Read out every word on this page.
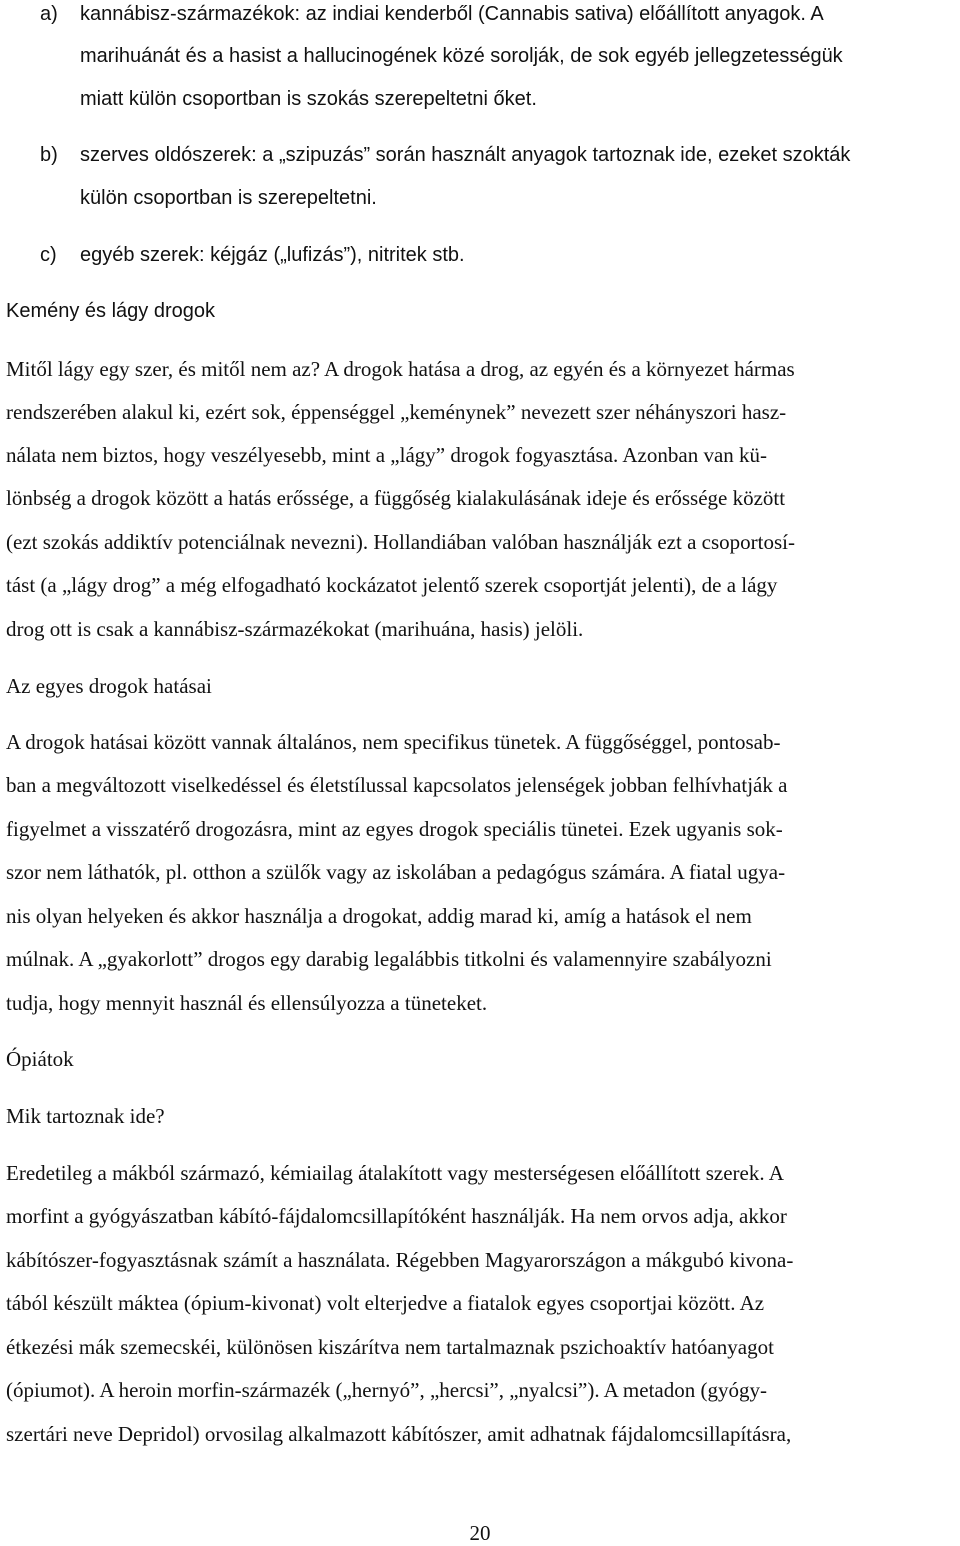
a) kannábisz-származékok: az indiai kenderből (Cannabis sativa) előállított anyagok. A
marihuánát és a hasist a hallucinogének közé sorolják, de sok egyéb jellegzetességük
miatt külön csoportban is szokás szerepeltetni őket.
b) szerves oldószerek: a „szipuzás” során használt anyagok tartoznak ide, ezeket szokták
külön csoportban is szerepeltetni.
c) egyéb szerek: kéjgáz („lufizás”), nitritek stb.
Kemény és lágy drogok
Mitől lágy egy szer, és mitől nem az? A drogok hatása a drog, az egyén és a környezet hármas
rendszerében alakul ki, ezért sok, éppenséggel „keménynek” nevezett szer néhányszori hasz-
nálata nem biztos, hogy veszélyesebb, mint a „lágy” drogok fogyasztása. Azonban van kü-
lönbség a drogok között a hatás erőssége, a függőség kialakulásának ideje és erőssége között
(ezt szokás addiktív potenciálnak nevezni). Hollandiában valóban használják ezt a csoportosí-
tást (a „lágy drog” a még elfogadható kockázatot jelentő szerek csoportját jelenti), de a lágy
drog ott is csak a kannábisz-származékokat (marihuána, hasis) jelöli.
Az egyes drogok hatásai
A drogok hatásai között vannak általános, nem specifikus tünetek. A függőséggel, pontosab-
ban a megváltozott viselkedéssel és életstílussal kapcsolatos jelenségek jobban felhívhatják a
figyelmet a visszatérő drogozásra, mint az egyes drogok speciális tünetei. Ezek ugyanis sok-
szor nem láthatók, pl. otthon a szülők vagy az iskolában a pedagógus számára. A fiatal ugya-
nis olyan helyeken és akkor használja a drogokat, addig marad ki, amíg a hatások el nem
múlnak. A „gyakorlott” drogos egy darabig legalábbis titkolni és valamennyire szabályozni
tudja, hogy mennyit használ és ellensúlyozza a tüneteket.
Ópiátok
Mik tartoznak ide?
Eredetileg a mákból származó, kémiailag átalakított vagy mesterségesen előállított szerek. A
morfint a gyógyászatban kábító-fájdalomcsillapítóként használják. Ha nem orvos adja, akkor
kábítószer-fogyasztásnak számít a használata. Régebben Magyarországon a mákgubó kivona-
tából készült máktea (ópium-kivonat) volt elterjedve a fiatalok egyes csoportjai között. Az
étkezési mák szemecskéi, különösen kiszárítva nem tartalmaznak pszichoaktív hatóanyagot
(ópiumot). A heroin morfin-származék („hernyó”, „hercsi”, „nyalcsi”). A metadon (gyógy-
szertári neve Depridol) orvosilag alkalmazott kábítószer, amit adhatnak fájdalomcsillapításra,
20
